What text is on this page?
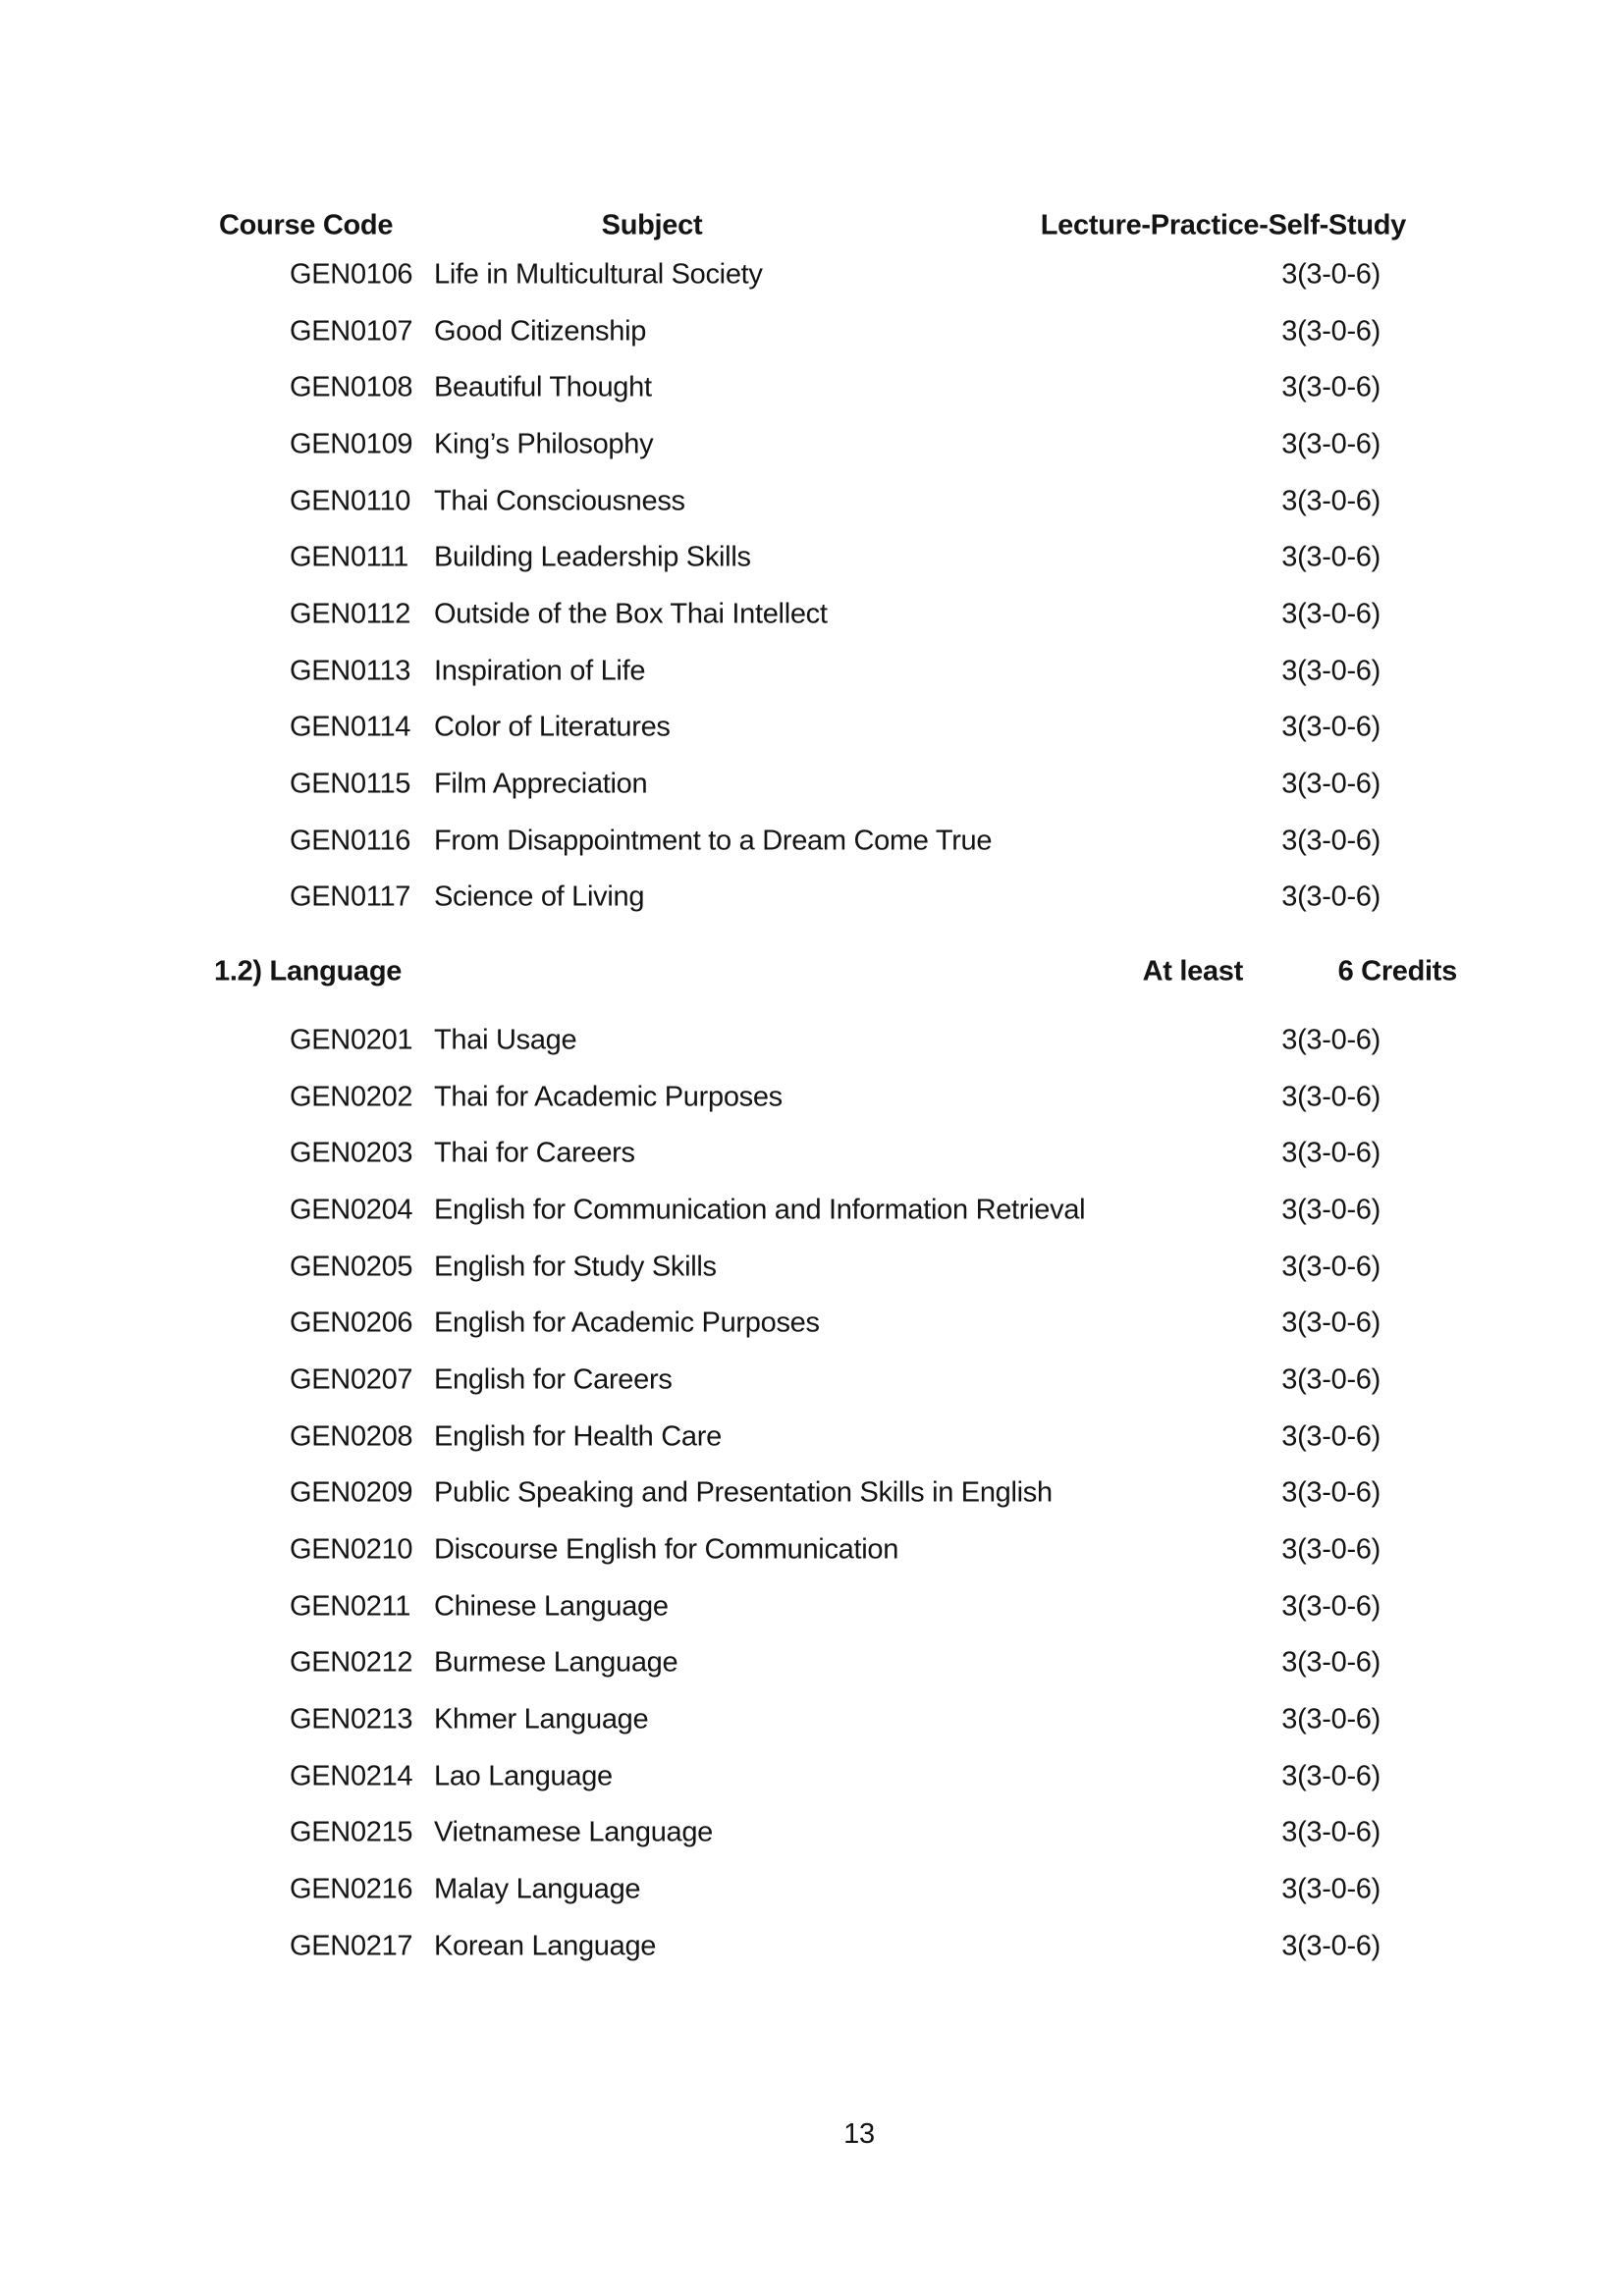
Course Code	Subject	Lecture-Practice-Self-Study
GEN0106 Life in Multicultural Society	3(3-0-6)
GEN0107 Good Citizenship	3(3-0-6)
GEN0108 Beautiful Thought	3(3-0-6)
GEN0109 King’s Philosophy	3(3-0-6)
GEN0110 Thai Consciousness	3(3-0-6)
GEN0111 Building Leadership Skills	3(3-0-6)
GEN0112 Outside of the Box Thai Intellect	3(3-0-6)
GEN0113 Inspiration of Life	3(3-0-6)
GEN0114 Color of Literatures	3(3-0-6)
GEN0115 Film Appreciation	3(3-0-6)
GEN0116 From Disappointment to a Dream Come True	3(3-0-6)
GEN0117 Science of Living	3(3-0-6)
1.2) Language	At least	6 Credits
GEN0201 Thai Usage	3(3-0-6)
GEN0202 Thai for Academic Purposes	3(3-0-6)
GEN0203 Thai for Careers	3(3-0-6)
GEN0204 English for Communication and Information Retrieval	3(3-0-6)
GEN0205 English for Study Skills	3(3-0-6)
GEN0206 English for Academic Purposes	3(3-0-6)
GEN0207 English for Careers	3(3-0-6)
GEN0208 English for Health Care	3(3-0-6)
GEN0209 Public Speaking and Presentation Skills in English	3(3-0-6)
GEN0210 Discourse English for Communication	3(3-0-6)
GEN0211 Chinese Language	3(3-0-6)
GEN0212 Burmese Language	3(3-0-6)
GEN0213 Khmer Language	3(3-0-6)
GEN0214 Lao Language	3(3-0-6)
GEN0215 Vietnamese Language	3(3-0-6)
GEN0216 Malay Language	3(3-0-6)
GEN0217 Korean Language	3(3-0-6)
13
